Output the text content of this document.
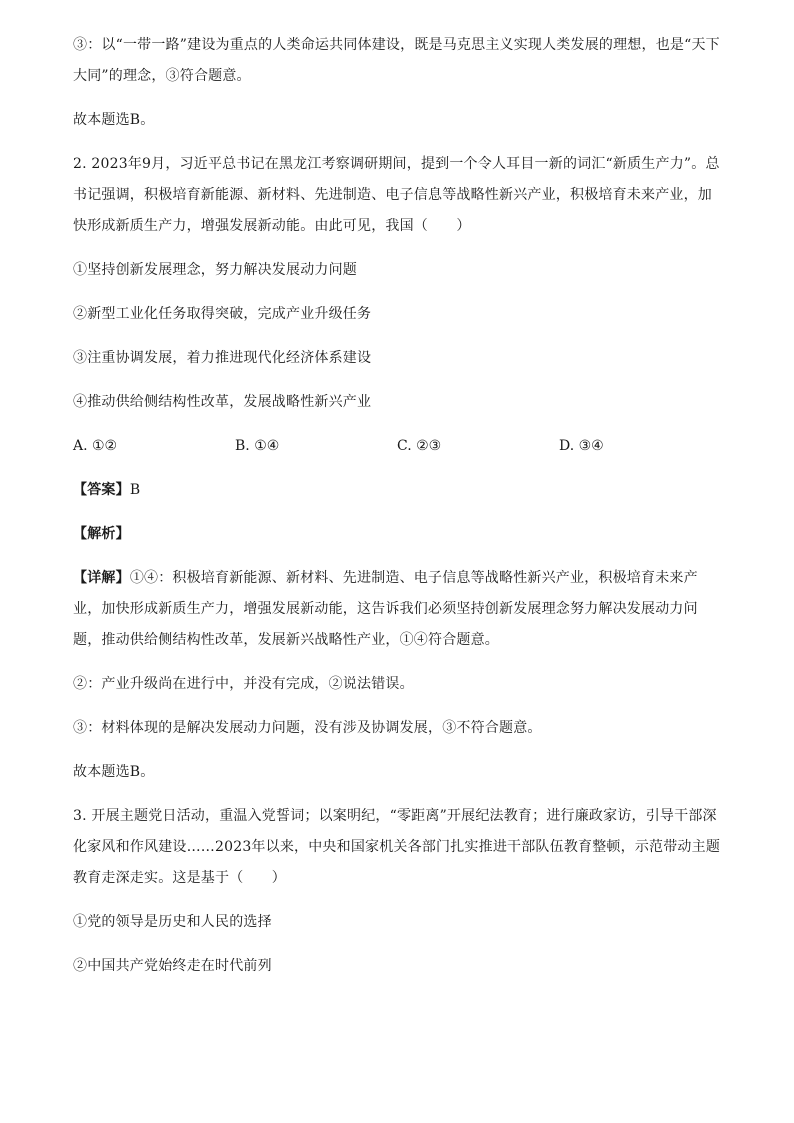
③：以“一带一路”建设为重点的人类命运共同体建设，既是马克思主义实现人类发展的理想，也是“天下大同”的理念，③符合题意。

故本题选B。

2. 2023年9月，习近平总书记在黑龙江考察调研期间，提到一个令人耳目一新的词汇“新质生产力”。总书记强调，积极培育新能源、新材料、先进制造、电子信息等战略性新兴产业，积极培育未来产业，加快形成新质生产力，增强发展新动能。由此可见，我国（　　）

①坚持创新发展理念，努力解决发展动力问题

②新型工业化任务取得突破，完成产业升级任务

③注重协调发展，着力推进现代化经济体系建设

④推动供给侧结构性改革，发展战略性新兴产业

A. ①②	B. ①④	C. ②③	D. ③④

【答案】B

【解析】

【详解】①④：积极培育新能源、新材料、先进制造、电子信息等战略性新兴产业，积极培育未来产业，加快形成新质生产力，增强发展新动能，这告诉我们必须坚持创新发展理念努力解决发展动力问题，推动供给侧结构性改革，发展新兴战略性产业，①④符合题意。

②：产业升级尚在进行中，并没有完成，②说法错误。

③：材料体现的是解决发展动力问题，没有涉及协调发展，③不符合题意。

故本题选B。

3. 开展主题党日活动，重温入党誓词；以案明纪，“零距离”开展纪法教育；进行廉政家访，引导干部深化家风和作风建设……2023年以来，中央和国家机关各部门扎实推进干部队伍教育整顿，示范带动主题教育走深走实。这是基于（　　）

①党的领导是历史和人民的选择

②中国共产党始终走在时代前列
